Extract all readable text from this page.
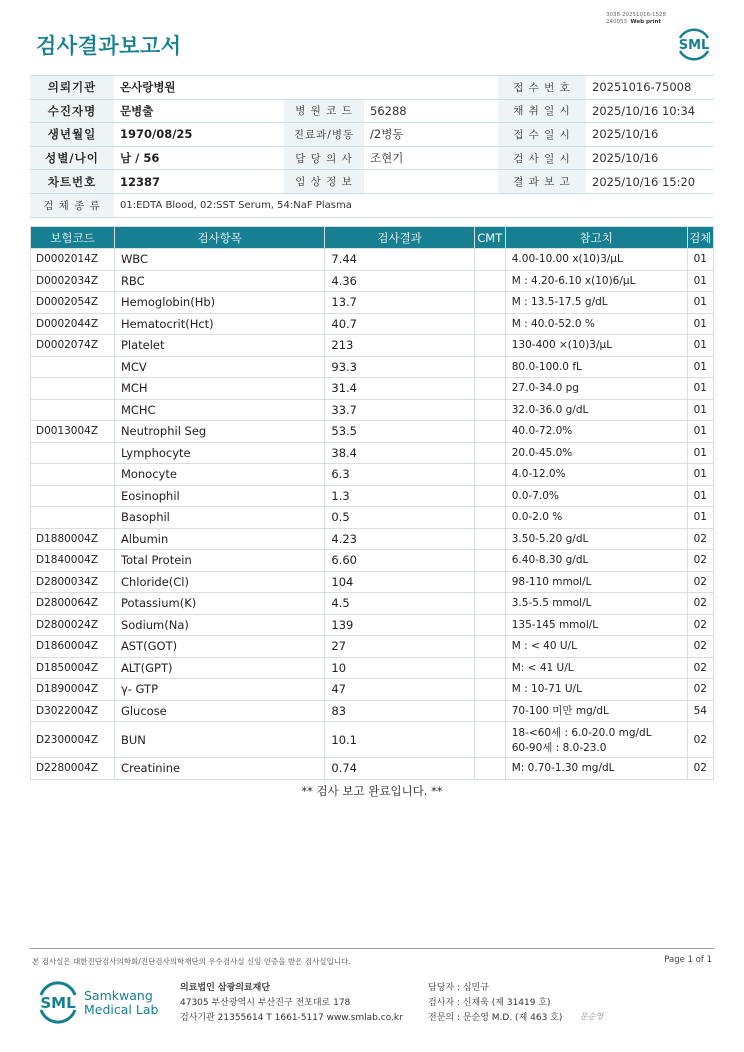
3038-20251016-1528
240053 Web print
검사결과보고서	SML
의뢰기관	온사랑병원			접 수 번 호	20251016-75008
수진자명	문병출	병 원 코 드	56288	채 취 일 시	2025/10/16 10:34
생년월일	1970/08/25	진료과/병동	/2병동	접 수 일 시	2025/10/16
성별/나이	남 / 56	담 당 의 사	조현기	검 사 일 시	2025/10/16
차트번호	12387	임 상 정 보		결 과 보 고	2025/10/16 15:20
검 체 종 류	01:EDTA Blood, 02:SST Serum, 54:NaF Plasma				
보험코드	검사항목	검사결과	CMT	참고치	검체
D0002014Z	WBC	7.44		4.00-10.00 x(10)3/μL	01
D0002034Z	RBC	4.36		M : 4.20-6.10 x(10)6/μL	01
D0002054Z	Hemoglobin(Hb)	13.7		M : 13.5-17.5 g/dL	01
D0002044Z	Hematocrit(Hct)	40.7		M : 40.0-52.0 %	01
D0002074Z	Platelet	213		130-400 ×(10)3/μL	01
	MCV	93.3		80.0-100.0 fL	01
	MCH	31.4		27.0-34.0 pg	01
	MCHC	33.7		32.0-36.0 g/dL	01
D0013004Z	Neutrophil Seg	53.5		40.0-72.0%	01
	Lymphocyte	38.4		20.0-45.0%	01
	Monocyte	6.3		4.0-12.0%	01
	Eosinophil	1.3		0.0-7.0%	01
	Basophil	0.5		0.0-2.0 %	01
D1880004Z	Albumin	4.23		3.50-5.20 g/dL	02
D1840004Z	Total Protein	6.60		6.40-8.30 g/dL	02
D2800034Z	Chloride(Cl)	104		98-110 mmol/L	02
D2800064Z	Potassium(K)	4.5		3.5-5.5 mmol/L	02
D2800024Z	Sodium(Na)	139		135-145 mmol/L	02
D1860004Z	AST(GOT)	27		M : < 40 U/L	02
D1850004Z	ALT(GPT)	10		M: < 41 U/L	02
D1890004Z	γ- GTP	47		M : 10-71 U/L	02
D3022004Z	Glucose	83		70-100 미만 mg/dL	54
D2300004Z	BUN	10.1		18-<60세 : 6.0-20.0 mg/dL
60-90세 : 8.0-23.0	02
D2280004Z	Creatinine	0.74		M: 0.70-1.30 mg/dL	02
** 검사 보고 완료입니다. **
본 검사실은 대한진단검사의학회/진단검사의학재단의 우수검사실 신임 인증을 받은 검사실입니다.	Page 1 of 1
SML Samkwang
Medical Lab
의료법인 삼광의료재단
47305 부산광역시 부산진구 전포대로 178
검사기관 21355614 T 1661-5117 www.smlab.co.kr
담당자 : 심민규
검사자 : 신재욱 (제 31419 호)
전문의 : 문순영 M.D. (제 463 호) 문순영
